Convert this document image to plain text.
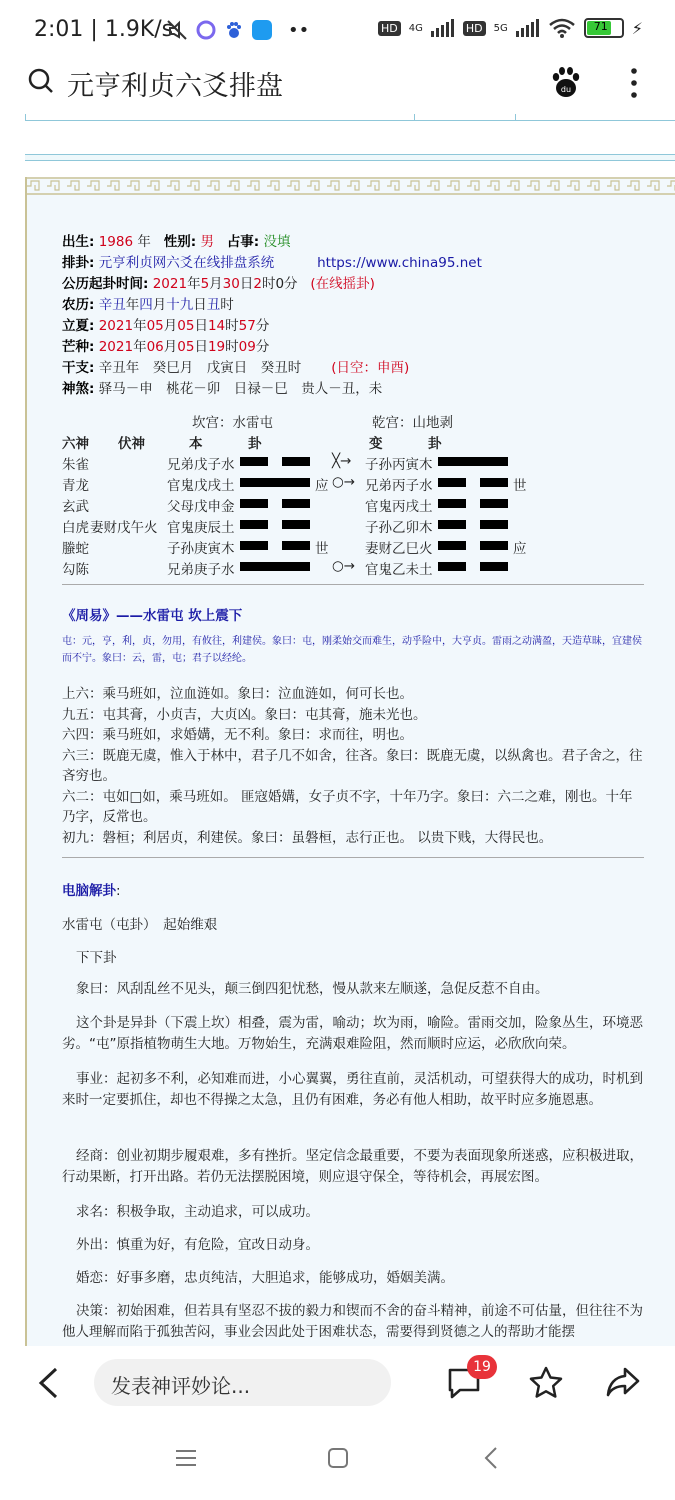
2:01 | 1.9K/s	••	HD	4G	HD	5G	71 ⚡
元亨利贞六爻排盘	du
出生: 1986 年 性别: 男 占事: 没填
排卦: 元亨利贞网六爻在线排盘系统	https://www.china95.net
公历起卦时间: 2021年5月30日2时0分   (在线摇卦)
农历: 辛丑年四月十九日丑时
立夏: 2021年05月05日14时57分
芒种: 2021年06月05日19时09分
干支: 辛丑年　癸巳月　戊寅日　癸丑时 (日空：申酉)
神煞: 驿马－申　桃花－卯　日禄－巳　贵人－丑，未
坎宫：水雷屯	乾宫：山地剥
六神 伏神	本	卦	变	卦
朱雀	兄弟戊子水	╳→ 子孙丙寅木
青龙	官鬼戊戌土	应 ○→ 兄弟丙子水	世
玄武	父母戊申金	官鬼丙戌土
白虎 妻财戊午火 官鬼庚辰土	子孙乙卯木
螣蛇	子孙庚寅木	世	妻财乙巳火	应
勾陈	兄弟庚子水	○→ 官鬼乙未土
《周易》——水雷屯 坎上震下
屯：元，亨，利，贞，勿用，有攸往，利建侯。象曰：屯，刚柔始交而难生，动乎险中，大亨贞。雷雨之动满盈，天造草昧，宜建侯而不宁。象曰：云，雷，屯；君子以经纶。
上六：乘马班如，泣血涟如。象曰：泣血涟如，何可长也。
九五：屯其膏，小贞吉，大贞凶。象曰：屯其膏，施未光也。
六四：乘马班如，求婚媾，无不利。象曰：求而往，明也。
六三：既鹿无虞，惟入于林中，君子几不如舍，往吝。象曰：既鹿无虞，以纵禽也。君子舍之，往吝穷也。
六二：屯如□如，乘马班如。 匪寇婚媾，女子贞不字，十年乃字。象曰：六二之难，刚也。十年乃字，反常也。
初九：磐桓；利居贞，利建侯。象曰：虽磐桓，志行正也。 以贵下贱，大得民也。
电脑解卦:
水雷屯（屯卦）　起始维艰
下下卦
象曰：风刮乱丝不见头，颠三倒四犯忧愁，慢从款来左顺遂，急促反惹不自由。
这个卦是异卦（下震上坎）相叠，震为雷，喻动；坎为雨，喻险。雷雨交加，险象丛生，环境恶劣。“屯”原指植物萌生大地。万物始生，充满艰难险阻，然而顺时应运，必欣欣向荣。
事业：起初多不利，必知难而进，小心翼翼，勇往直前，灵活机动，可望获得大的成功，时机到来时一定要抓住，却也不得操之太急，且仍有困难，务必有他人相助，故平时应多施恩惠。
经商：创业初期步履艰难，多有挫折。坚定信念最重要，不要为表面现象所迷惑，应积极进取，行动果断，打开出路。若仍无法摆脱困境，则应退守保全，等待机会，再展宏图。
求名：积极争取，主动追求，可以成功。
外出：慎重为好，有危险，宜改日动身。
婚恋：好事多磨，忠贞纯洁，大胆追求，能够成功，婚姻美满。
决策：初始困难，但若具有坚忍不拔的毅力和锲而不舍的奋斗精神，前途不可估量，但往往不为他人理解而陷于孤独苦闷，事业会因此处于困难状态，需要得到贤德之人的帮助才能摆
发表神评妙论...
19
